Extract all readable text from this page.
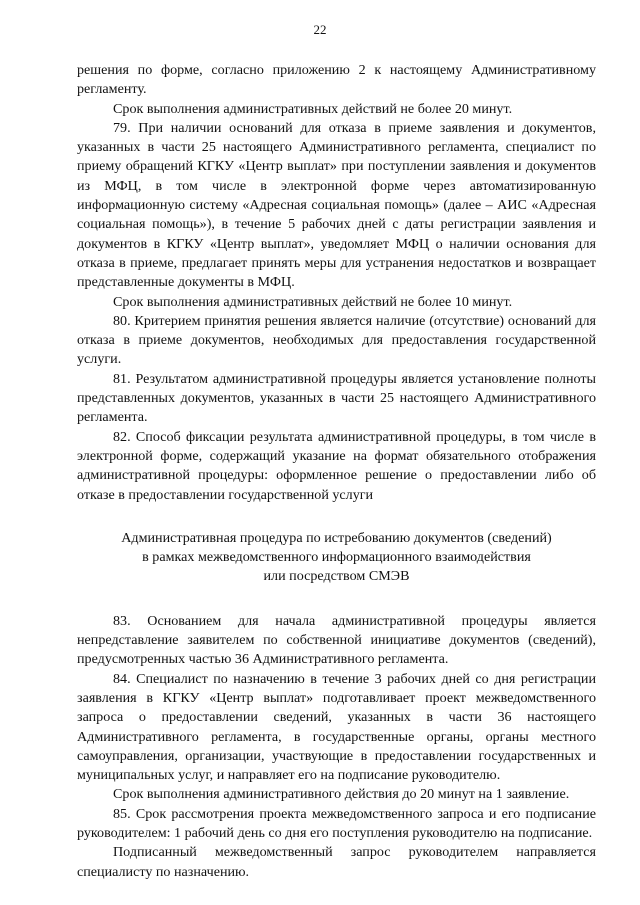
22

решения по форме, согласно приложению 2 к настоящему Административному регламенту.

Срок выполнения административных действий не более 20 минут.

79. При наличии оснований для отказа в приеме заявления и документов, указанных в части 25 настоящего Административного регламента, специалист по приему обращений КГКУ «Центр выплат» при поступлении заявления и документов из МФЦ, в том числе в электронной форме через автоматизированную информационную систему «Адресная социальная помощь» (далее – АИС «Адресная социальная помощь»), в течение 5 рабочих дней с даты регистрации заявления и документов в КГКУ «Центр выплат», уведомляет МФЦ о наличии основания для отказа в приеме, предлагает принять меры для устранения недостатков и возвращает представленные документы в МФЦ.

Срок выполнения административных действий не более 10 минут.

80. Критерием принятия решения является наличие (отсутствие) оснований для отказа в приеме документов, необходимых для предоставления государственной услуги.

81. Результатом административной процедуры является установление полноты представленных документов, указанных в части 25 настоящего Административного регламента.

82. Способ фиксации результата административной процедуры, в том числе в электронной форме, содержащий указание на формат обязательного отображения административной процедуры: оформленное решение о предоставлении либо об отказе в предоставлении государственной услуги

Административная процедура по истребованию документов (сведений)

в рамках межведомственного информационного взаимодействия

или посредством СМЭВ

83. Основанием для начала административной процедуры является непредставление заявителем по собственной инициативе документов (сведений), предусмотренных частью 36 Административного регламента.

84. Специалист по назначению в течение 3 рабочих дней со дня регистрации заявления в КГКУ «Центр выплат» подготавливает проект межведомственного запроса о предоставлении сведений, указанных в части 36 настоящего Административного регламента, в государственные органы, органы местного самоуправления, организации, участвующие в предоставлении государственных и муниципальных услуг, и направляет его на подписание руководителю.

Срок выполнения административного действия до 20 минут на 1 заявление.

85. Срок рассмотрения проекта межведомственного запроса и его подписание руководителем: 1 рабочий день со дня его поступления руководителю на подписание.

Подписанный межведомственный запрос руководителем направляется специалисту по назначению.
